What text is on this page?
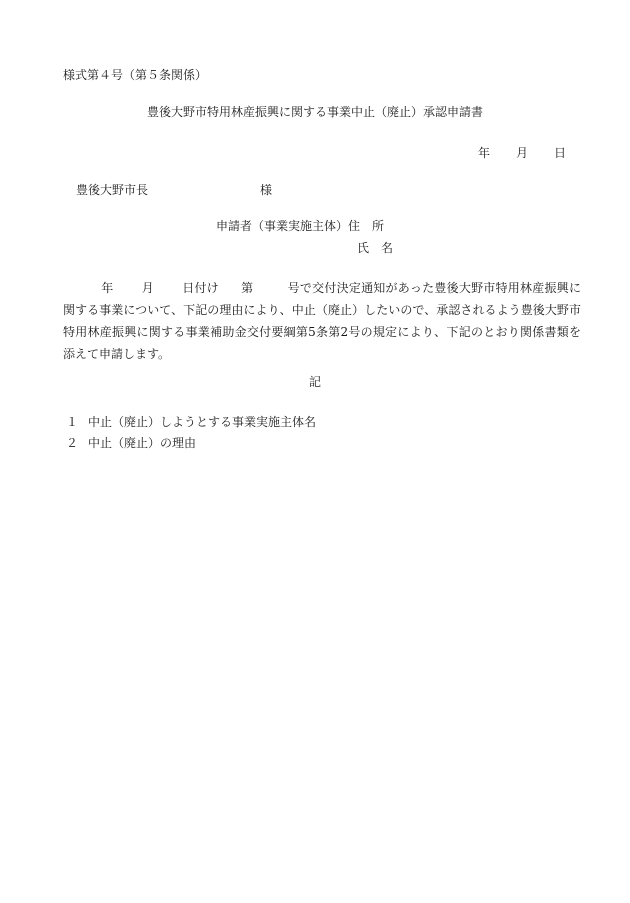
様式第４号（第５条関係）
豊後大野市特用林産振興に関する事業中止（廃止）承認申請書
年 月 日
豊後大野市長	様
申請者（事業実施主体）住　所
氏　名
年 月 日付け 第	号で交付決定通知があった豊後大野市特用林産振興に関する事業について、下記の理由により、中止（廃止）したいので、承認されるよう豊後大野市特用林産振興に関する事業補助金交付要綱第5条第2号の規定により、下記のとおり関係書類を添えて申請します。
記
１ 中止（廃止）しようとする事業実施主体名
２ 中止（廃止）の理由
